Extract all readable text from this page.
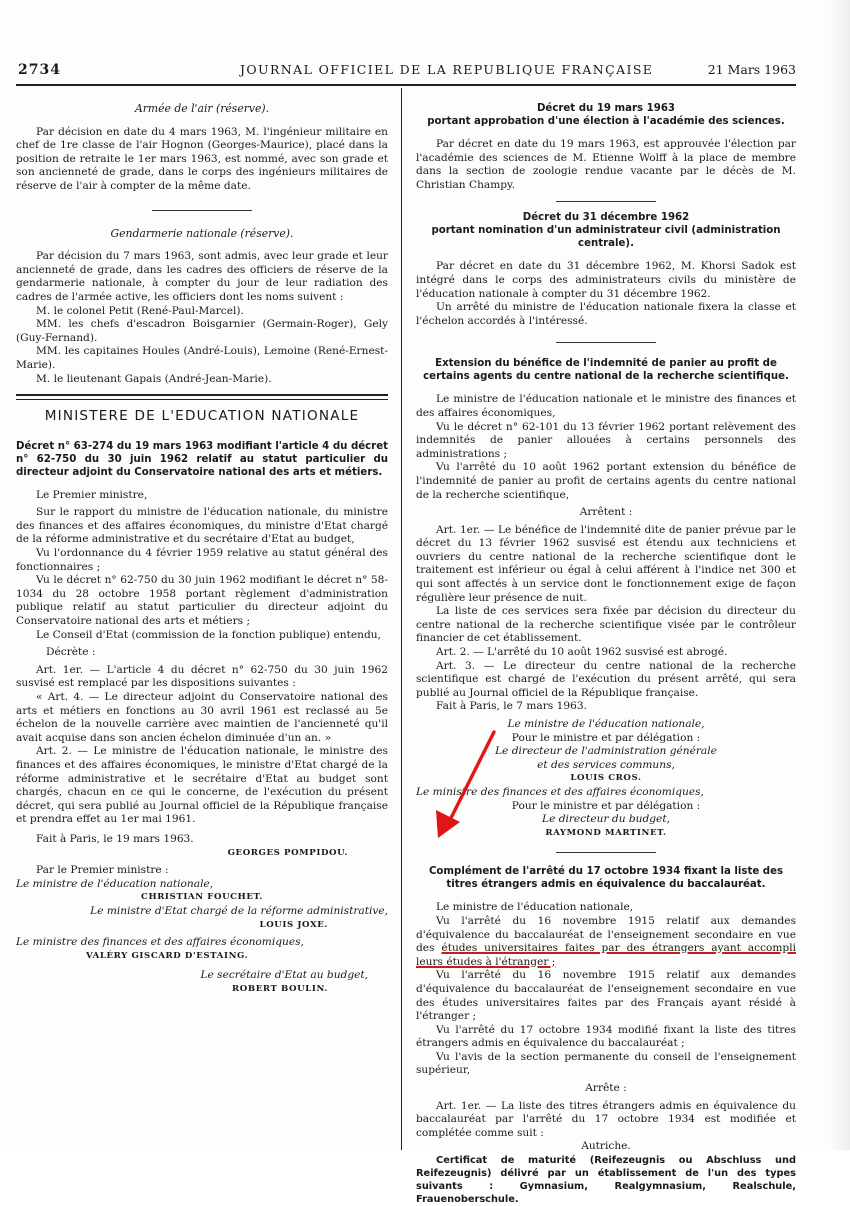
2734	JOURNAL OFFICIEL DE LA REPUBLIQUE FRANÇAISE	21 Mars 1963

Armée de l'air (réserve).

Par décision en date du 4 mars 1963, M. l'ingénieur militaire en chef de 1re classe de l'air Hognon (Georges-Maurice), placé dans la position de retraite le 1er mars 1963, est nommé, avec son grade et son ancienneté de grade, dans le corps des ingénieurs militaires de réserve de l'air à compter de la même date.

Gendarmerie nationale (réserve).

Par décision du 7 mars 1963, sont admis, avec leur grade et leur ancienneté de grade, dans les cadres des officiers de réserve de la gendarmerie nationale, à compter du jour de leur radiation des cadres de l'armée active, les officiers dont les noms suivent :

M. le colonel Petit (René-Paul-Marcel).

MM. les chefs d'escadron Boisgarnier (Germain-Roger), Gely (Guy-Fernand).

MM. les capitaines Houles (André-Louis), Lemoine (René-Ernest-Marie).

M. le lieutenant Gapais (André-Jean-Marie).

MINISTERE DE L'EDUCATION NATIONALE

Décret n° 63-274 du 19 mars 1963 modifiant l'article 4 du décret n° 62-750 du 30 juin 1962 relatif au statut particulier du directeur adjoint du Conservatoire national des arts et métiers.

Le Premier ministre,

Sur le rapport du ministre de l'éducation nationale, du ministre des finances et des affaires économiques, du ministre d'Etat chargé de la réforme administrative et du secrétaire d'Etat au budget,

Vu l'ordonnance du 4 février 1959 relative au statut général des fonctionnaires ;

Vu le décret n° 62-750 du 30 juin 1962 modifiant le décret n° 58-1034 du 28 octobre 1958 portant règlement d'administration publique relatif au statut particulier du directeur adjoint du Conservatoire national des arts et métiers ;

Le Conseil d'Etat (commission de la fonction publique) entendu,

Décrète :

Art. 1er. — L'article 4 du décret n° 62-750 du 30 juin 1962 susvisé est remplacé par les dispositions suivantes :

« Art. 4. — Le directeur adjoint du Conservatoire national des arts et métiers en fonctions au 30 avril 1961 est reclassé au 5e échelon de la nouvelle carrière avec maintien de l'ancienneté qu'il avait acquise dans son ancien échelon diminuée d'un an. »

Art. 2. — Le ministre de l'éducation nationale, le ministre des finances et des affaires économiques, le ministre d'Etat chargé de la réforme administrative et le secrétaire d'Etat au budget sont chargés, chacun en ce qui le concerne, de l'exécution du présent décret, qui sera publié au Journal officiel de la République française et prendra effet au 1er mai 1961.

Fait à Paris, le 19 mars 1963.

GEORGES POMPIDOU.

Par le Premier ministre :

Le ministre de l'éducation nationale,

CHRISTIAN FOUCHET.

Le ministre d'Etat chargé de la réforme administrative,

LOUIS JOXE.

Le ministre des finances et des affaires économiques,

VALÉRY GISCARD D'ESTAING.

Le secrétaire d'Etat au budget,

ROBERT BOULIN.

Décret du 19 mars 1963

portant approbation d'une élection à l'académie des sciences.

Par décret en date du 19 mars 1963, est approuvée l'élection par l'académie des sciences de M. Etienne Wolff à la place de membre dans la section de zoologie rendue vacante par le décès de M. Christian Champy.

Décret du 31 décembre 1962

portant nomination d'un administrateur civil (administration centrale).

Par décret en date du 31 décembre 1962, M. Khorsi Sadok est intégré dans le corps des administrateurs civils du ministère de l'éducation nationale à compter du 31 décembre 1962.

Un arrêté du ministre de l'éducation nationale fixera la classe et l'échelon accordés à l'intéressé.

Extension du bénéfice de l'indemnité de panier au profit de certains agents du centre national de la recherche scientifique.

Le ministre de l'éducation nationale et le ministre des finances et des affaires économiques,

Vu le décret n° 62-101 du 13 février 1962 portant relèvement des indemnités de panier allouées à certains personnels des administrations ;

Vu l'arrêté du 10 août 1962 portant extension du bénéfice de l'indemnité de panier au profit de certains agents du centre national de la recherche scientifique,

Arrêtent :

Art. 1er. — Le bénéfice de l'indemnité dite de panier prévue par le décret du 13 février 1962 susvisé est étendu aux techniciens et ouvriers du centre national de la recherche scientifique dont le traitement est inférieur ou égal à celui afférent à l'indice net 300 et qui sont affectés à un service dont le fonctionnement exige de façon régulière leur présence de nuit.

La liste de ces services sera fixée par décision du directeur du centre national de la recherche scientifique visée par le contrôleur financier de cet établissement.

Art. 2. — L'arrêté du 10 août 1962 susvisé est abrogé.

Art. 3. — Le directeur du centre national de la recherche scientifique est chargé de l'exécution du présent arrêté, qui sera publié au Journal officiel de la République française.

Fait à Paris, le 7 mars 1963.

Le ministre de l'éducation nationale,

Pour le ministre et par délégation :

Le directeur de l'administration générale

et des services communs,

LOUIS CROS.

Le ministre des finances et des affaires économiques,

Pour le ministre et par délégation :

Le directeur du budget,

RAYMOND MARTINET.

Complément de l'arrêté du 17 octobre 1934 fixant la liste des titres étrangers admis en équivalence du baccalauréat.

Le ministre de l'éducation nationale,

Vu l'arrêté du 16 novembre 1915 relatif aux demandes d'équivalence du baccalauréat de l'enseignement secondaire en vue des études universitaires faites par des étrangers ayant accompli leurs études à l'étranger ;

Vu l'arrêté du 16 novembre 1915 relatif aux demandes d'équivalence du baccalauréat de l'enseignement secondaire en vue des études universitaires faites par des Français ayant résidé à l'étranger ;

Vu l'arrêté du 17 octobre 1934 modifié fixant la liste des titres étrangers admis en équivalence du baccalauréat ;

Vu l'avis de la section permanente du conseil de l'enseignement supérieur,

Arrête :

Art. 1er. — La liste des titres étrangers admis en équivalence du baccalauréat par l'arrêté du 17 octobre 1934 est modifiée et complétée comme suit :

Autriche.

Certificat de maturité (Reifezeugnis ou Abschluss und Reifezeugnis) délivré par un établissement de l'un des types suivants : Gymnasium, Realgymnasium, Realschule, Frauenoberschule.
